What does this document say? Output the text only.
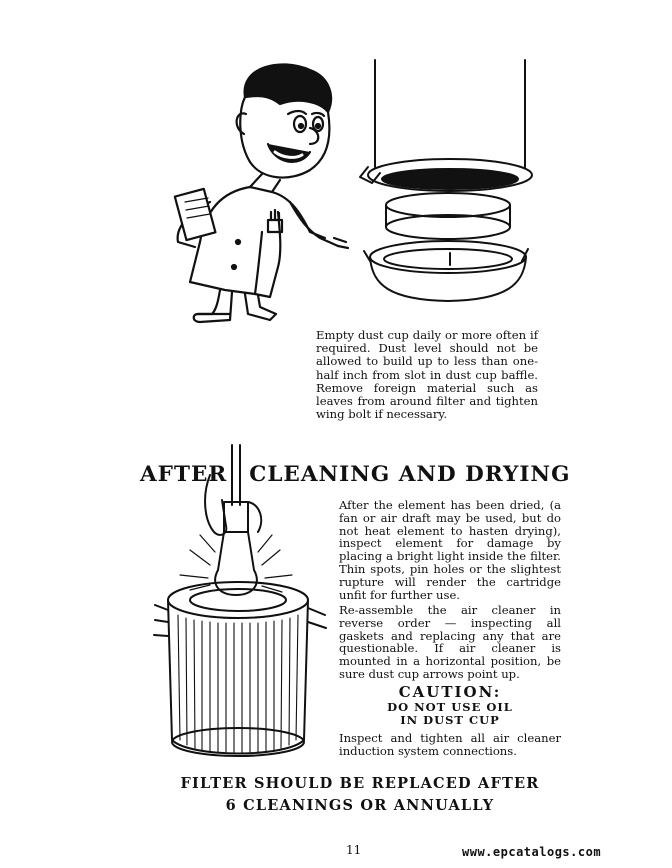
Empty dust cup daily or more often if required. Dust level should not be allowed to build up to less than one-half inch from slot in dust cup baffle. Remove foreign material such as leaves from around filter and tighten wing bolt if necessary.
AFTER CLEANING AND DRYING
After the element has been dried, (a fan or air draft may be used, but do not heat element to hasten drying), inspect element for damage by placing a bright light inside the filter. Thin spots, pin holes or the slightest rupture will render the cartridge unfit for further use.
Re-assemble the air cleaner in reverse order — inspecting all gaskets and replacing any that are questionable. If air cleaner is mounted in a horizontal position, be sure dust cup arrows point up.
CAUTION:
DO NOT USE OIL
IN DUST CUP
Inspect and tighten all air cleaner induction system connections.
FILTER SHOULD BE REPLACED AFTER
6 CLEANINGS OR ANNUALLY
11	www.epcatalogs.com
